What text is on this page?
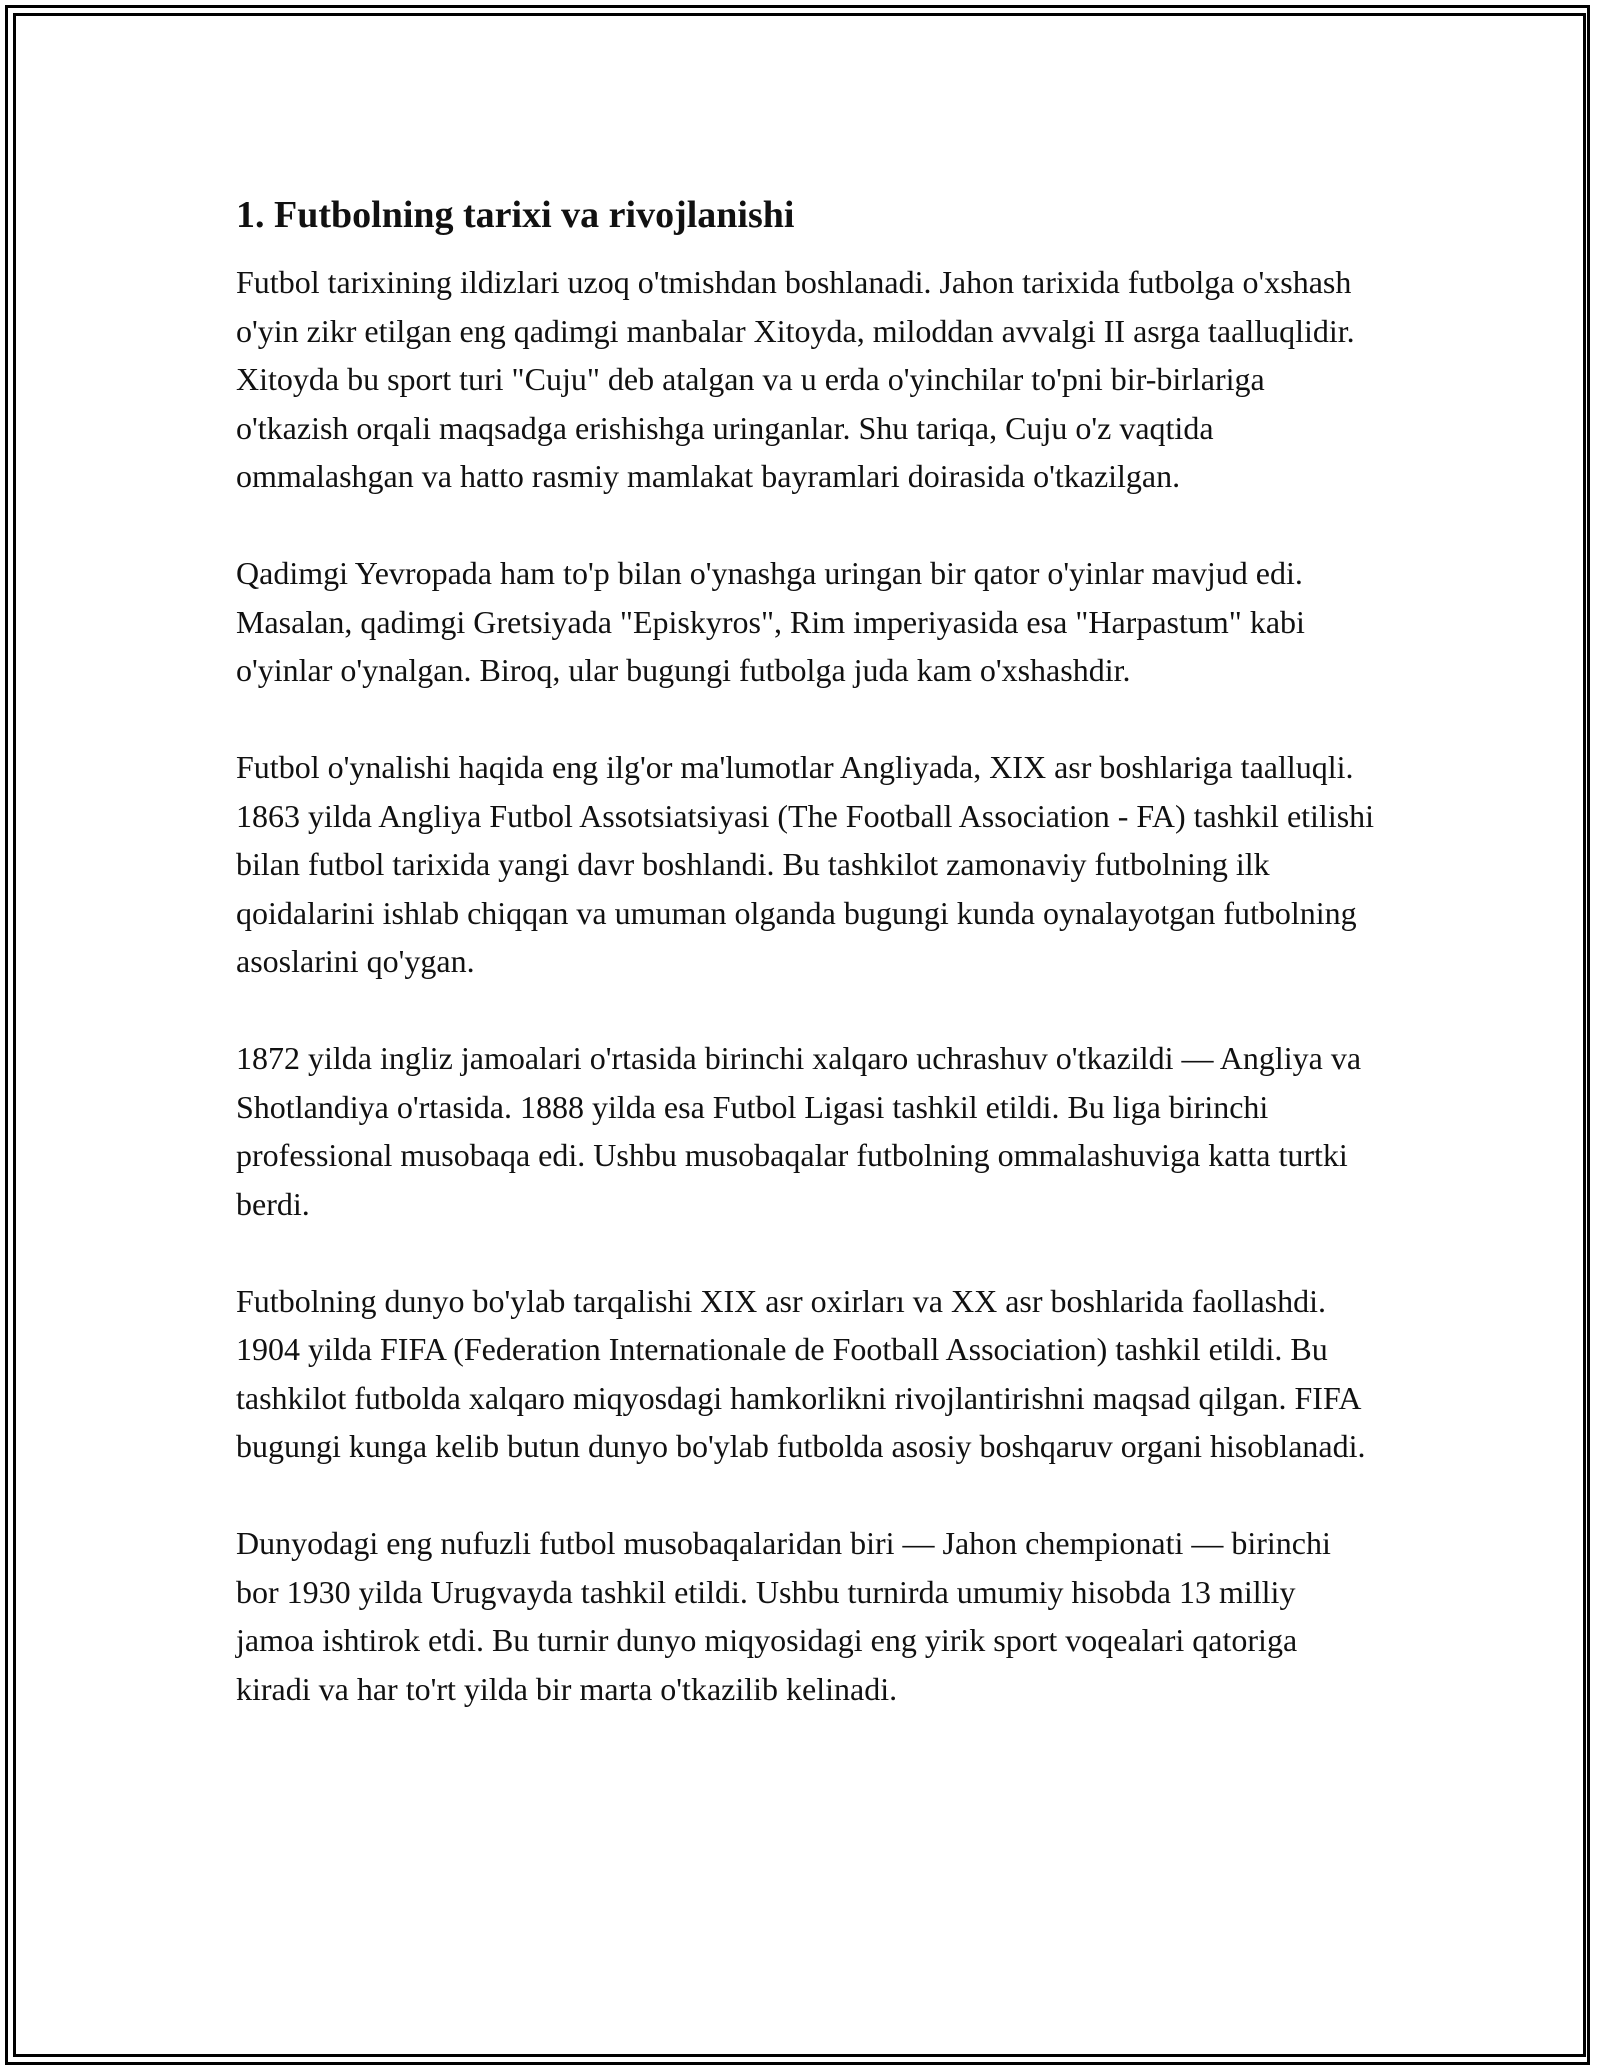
1. Futbolning tarixi va rivojlanishi

Futbol tarixining ildizlari uzoq o'tmishdan boshlanadi. Jahon tarixida futbolga o'xshash o'yin zikr etilgan eng qadimgi manbalar Xitoyda, miloddan avvalgi II asrga taalluqlidir. Xitoyda bu sport turi "Cuju" deb atalgan va u erda o'yinchilar to'pni bir-birlariga o'tkazish orqali maqsadga erishishga uringanlar. Shu tariqa, Cuju o'z vaqtida ommalashgan va hatto rasmiy mamlakat bayramlari doirasida o'tkazilgan.

Qadimgi Yevropada ham to'p bilan o'ynashga uringan bir qator o'yinlar mavjud edi. Masalan, qadimgi Gretsiyada "Episkyros", Rim imperiyasida esa "Harpastum" kabi o'yinlar o'ynalgan. Biroq, ular bugungi futbolga juda kam o'xshashdir.

Futbol o'ynalishi haqida eng ilg'or ma'lumotlar Angliyada, XIX asr boshlariga taalluqli. 1863 yilda Angliya Futbol Assotsiatsiyasi (The Football Association - FA) tashkil etilishi bilan futbol tarixida yangi davr boshlandi. Bu tashkilot zamonaviy futbolning ilk qoidalarini ishlab chiqqan va umuman olganda bugungi kunda oynalayotgan futbolning asoslarini qo'ygan.

1872 yilda ingliz jamoalari o'rtasida birinchi xalqaro uchrashuv o'tkazildi — Angliya va Shotlandiya o'rtasida. 1888 yilda esa Futbol Ligasi tashkil etildi. Bu liga birinchi professional musobaqa edi. Ushbu musobaqalar futbolning ommalashuviga katta turtki berdi.

Futbolning dunyo bo'ylab tarqalishi XIX asr oxirları va XX asr boshlarida faollashdi. 1904 yilda FIFA (Federation Internationale de Football Association) tashkil etildi. Bu tashkilot futbolda xalqaro miqyosdagi hamkorlikni rivojlantirishni maqsad qilgan. FIFA bugungi kunga kelib butun dunyo bo'ylab futbolda asosiy boshqaruv organi hisoblanadi.

Dunyodagi eng nufuzli futbol musobaqalaridan biri — Jahon chempionati — birinchi bor 1930 yilda Urugvayda tashkil etildi. Ushbu turnirda umumiy hisobda 13 milliy jamoa ishtirok etdi. Bu turnir dunyo miqyosidagi eng yirik sport voqealari qatoriga kiradi va har to'rt yilda bir marta o'tkazilib kelinadi.
